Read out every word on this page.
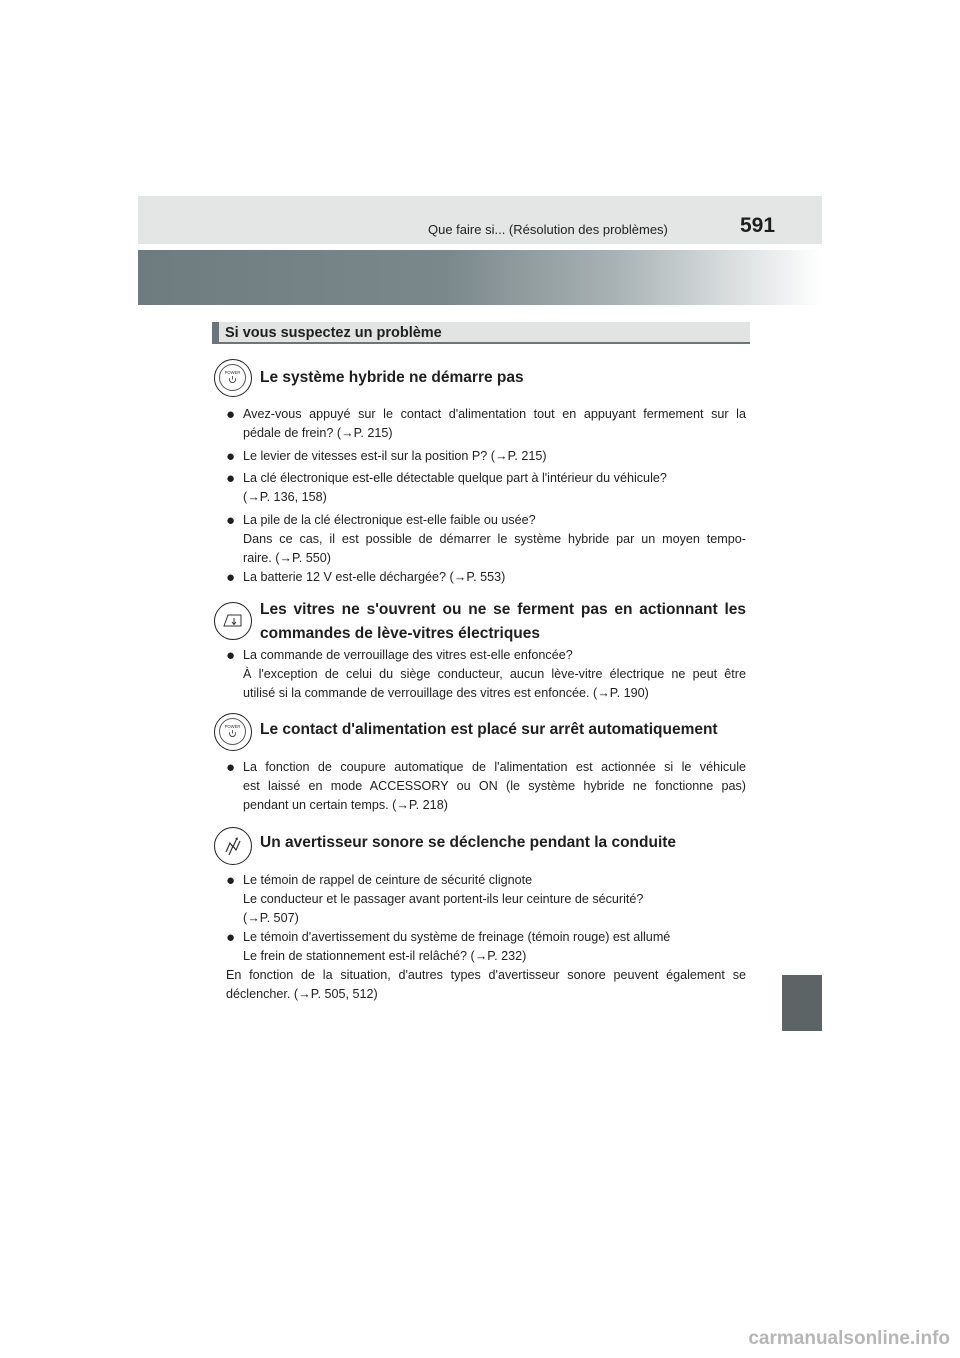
Que faire si... (Résolution des problèmes)	591
Si vous suspectez un problème
POWER Le système hybride ne démarre pas
● Avez-vous appuyé sur le contact d'alimentation tout en appuyant fermement sur la
pédale de frein? (→P. 215)
● Le levier de vitesses est-il sur la position P? (→P. 215)
● La clé électronique est-elle détectable quelque part à l'intérieur du véhicule?
(→P. 136, 158)
● La pile de la clé électronique est-elle faible ou usée?
Dans ce cas, il est possible de démarrer le système hybride par un moyen tempo-
raire. (→P. 550)
● La batterie 12 V est-elle déchargée? (→P. 553)
Les vitres ne s'ouvrent ou ne se ferment pas en actionnant les
commandes de lève-vitres électriques
● La commande de verrouillage des vitres est-elle enfoncée?
À l'exception de celui du siège conducteur, aucun lève-vitre électrique ne peut être
utilisé si la commande de verrouillage des vitres est enfoncée. (→P. 190)
POWER Le contact d'alimentation est placé sur arrêt automatiquement
● La fonction de coupure automatique de l'alimentation est actionnée si le véhicule
est laissé en mode ACCESSORY ou ON (le système hybride ne fonctionne pas)
pendant un certain temps. (→P. 218)
Un avertisseur sonore se déclenche pendant la conduite
● Le témoin de rappel de ceinture de sécurité clignote
Le conducteur et le passager avant portent-ils leur ceinture de sécurité?
(→P. 507)
● Le témoin d'avertissement du système de freinage (témoin rouge) est allumé
Le frein de stationnement est-il relâché? (→P. 232)
En fonction de la situation, d'autres types d'avertisseur sonore peuvent également se déclencher. (→P. 505, 512)
carmanualsonline.info
